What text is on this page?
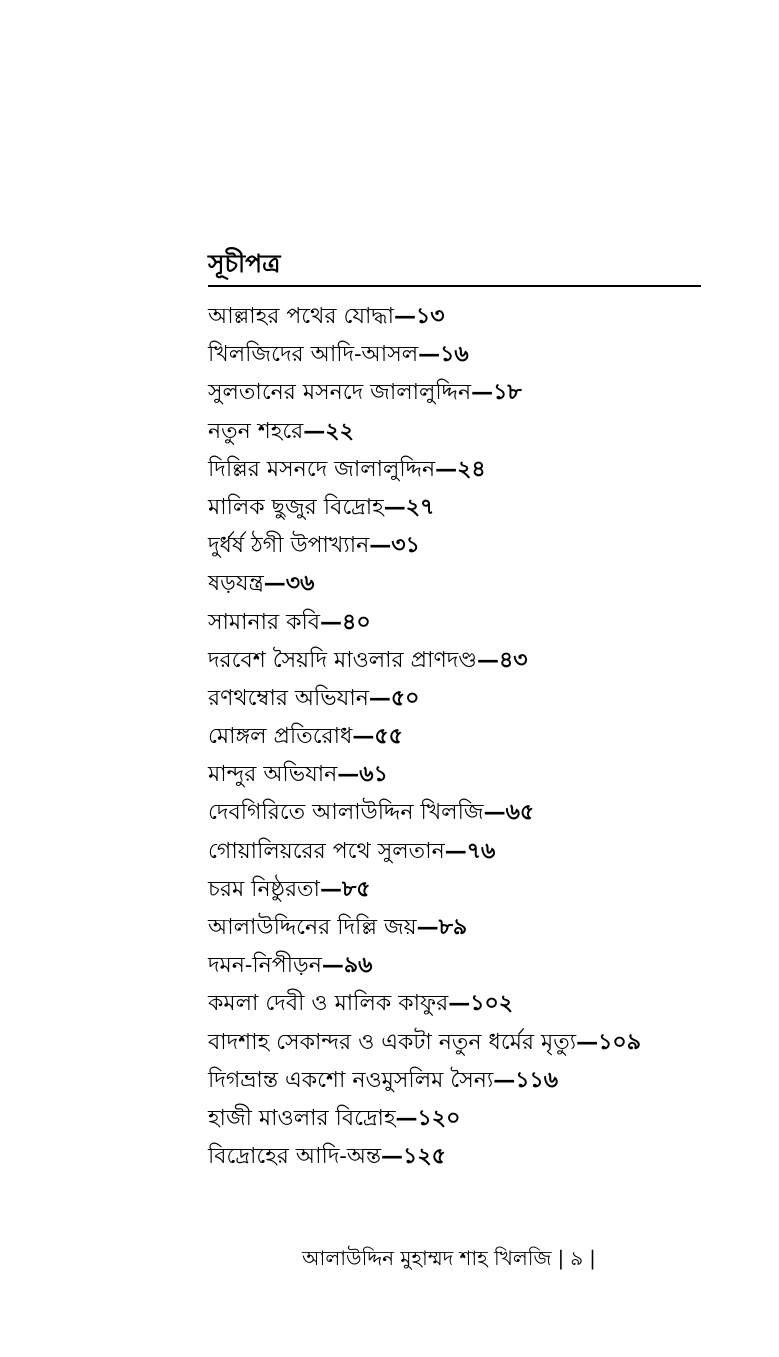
সূচীপত্র
আল্লাহর পথের যোদ্ধা—১৩
খিলজিদের আদি-আসল—১৬
সুলতানের মসনদে জালালুদ্দিন—১৮
নতুন শহরে—২২
দিল্লির মসনদে জালালুদ্দিন—২৪
মালিক ছুজুর বিদ্রোহ—২৭
দুর্ধর্ষ ঠগী উপাখ্যান—৩১
ষড়যন্ত্র—৩৬
সামানার কবি—৪০
দরবেশ সৈয়দি মাওলার প্রাণদণ্ড—৪৩
রণথম্বোর অভিযান—৫০
মোঙ্গল প্রতিরোধ—৫৫
মান্দুর অভিযান—৬১
দেবগিরিতে আলাউদ্দিন খিলজি—৬৫
গোয়ালিয়রের পথে সুলতান—৭৬
চরম নিষ্ঠুরতা—৮৫
আলাউদ্দিনের দিল্লি জয়—৮৯
দমন-নিপীড়ন—৯৬
কমলা দেবী ও মালিক কাফুর—১০২
বাদশাহ সেকান্দর ও একটা নতুন ধর্মের মৃত্যু—১০৯
দিগভ্রান্ত একশো নওমুসলিম সৈন্য—১১৬
হাজী মাওলার বিদ্রোহ—১২০
বিদ্রোহের আদি-অন্ত—১২৫
আলাউদ্দিন মুহাম্মদ শাহ খিলজি | ৯ |
